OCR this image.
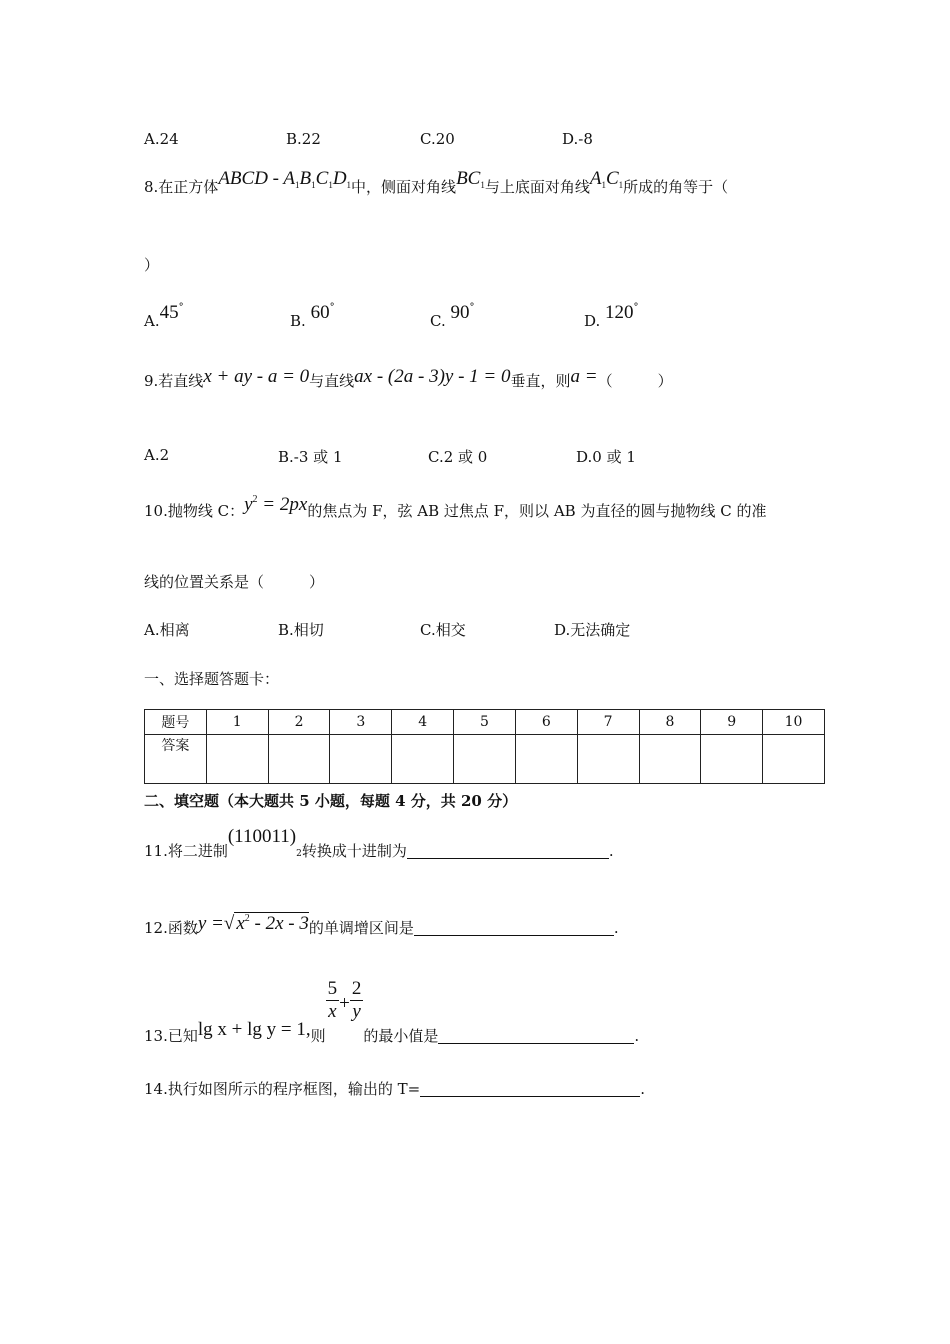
A.24	B.22	C.20	D.-8
8.在正方体ABCD - $A_1B_1C_1D_1$中，侧面对角线$BC_1$与上底面对角线$A_1C_1$所成的角等于（
）
A.45°
B. 60°
C. 90°
D. 120°
9.若直线x + ay - a = 0与直线ax - (2a - 3)y - 1 = 0垂直，则a =（　　　）
A.2	B.-3 或 1	C.2 或 0	D.0 或 1
10.抛物线 C：$y^2 = 2px$的焦点为 F，弦 AB 过焦点 F，则以 AB 为直径的圆与抛物线 C 的准
线的位置关系是（　　　）
A.相离	B.相切	C.相交	D.无法确定
一、选择题答题卡：
题号	1	2	3	4	5	6	7	8	9	10
答案										
二、填空题（本大题共 5 小题，每题 4 分，共 20 分）
11.将二进制(110011)2转换成十进制为	.
12.函数y =√ $x^2 - 2x - 3$的单调增区间是	.
13.已知lg x + lg y = 1,则
$\frac{5}{x} + \frac{2}{y}$
的最小值是	.
14.执行如图所示的程序框图，输出的 T=	.
